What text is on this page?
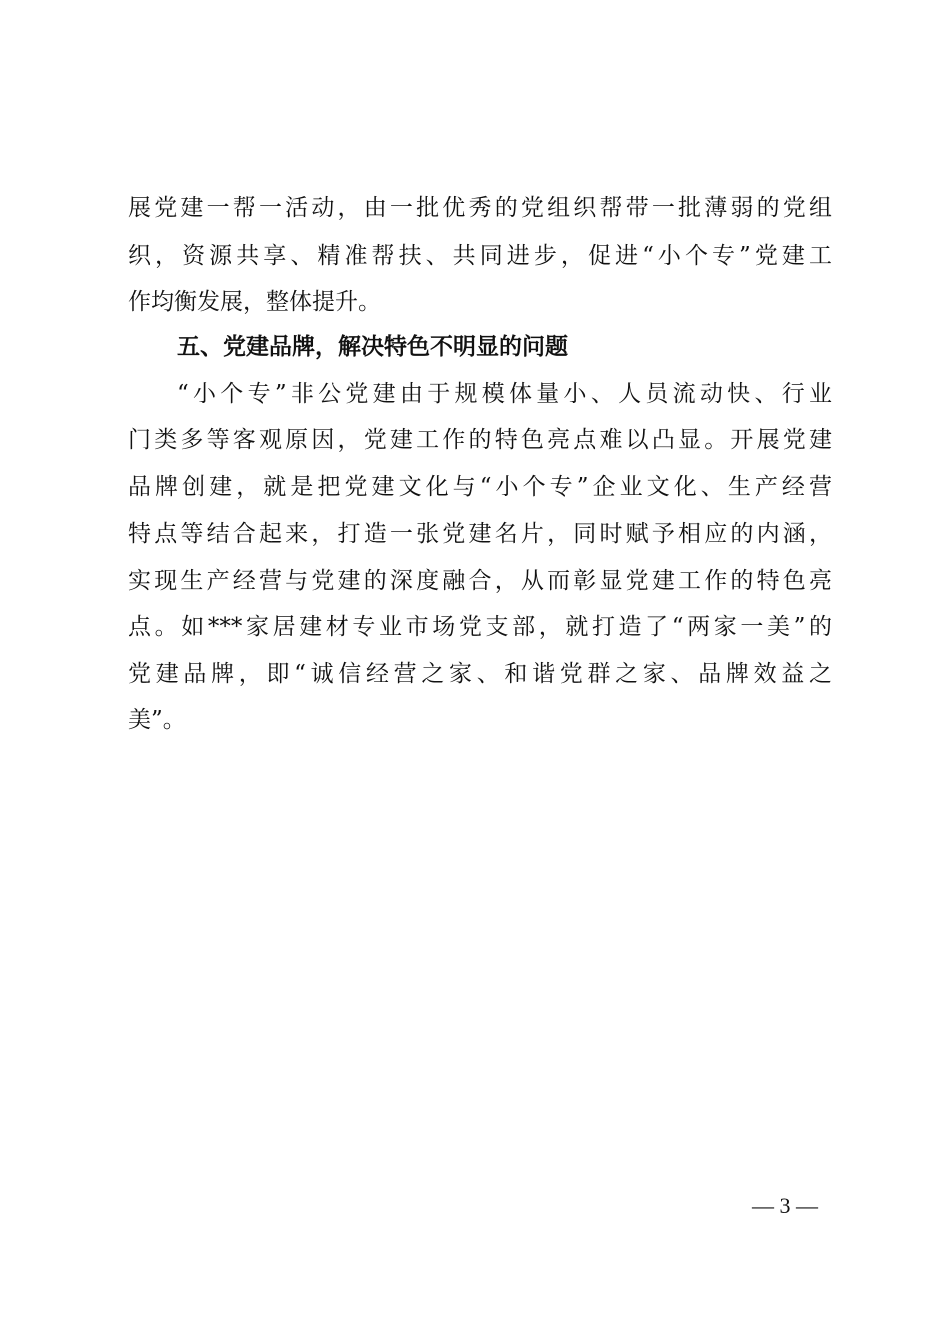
展党建一帮一活动，由一批优秀的党组织帮带一批薄弱的党组
织，资源共享、精准帮扶、共同进步，促进“小个专”党建工
作均衡发展，整体提升。
五、党建品牌，解决特色不明显的问题
“小个专”非公党建由于规模体量小、人员流动快、行业
门类多等客观原因，党建工作的特色亮点难以凸显。开展党建
品牌创建，就是把党建文化与“小个专”企业文化、生产经营
特点等结合起来，打造一张党建名片，同时赋予相应的内涵，
实现生产经营与党建的深度融合，从而彰显党建工作的特色亮
点。如***家居建材专业市场党支部，就打造了“两家一美”的
党建品牌，即“诚信经营之家、和谐党群之家、品牌效益之
美”。
— 3 —
